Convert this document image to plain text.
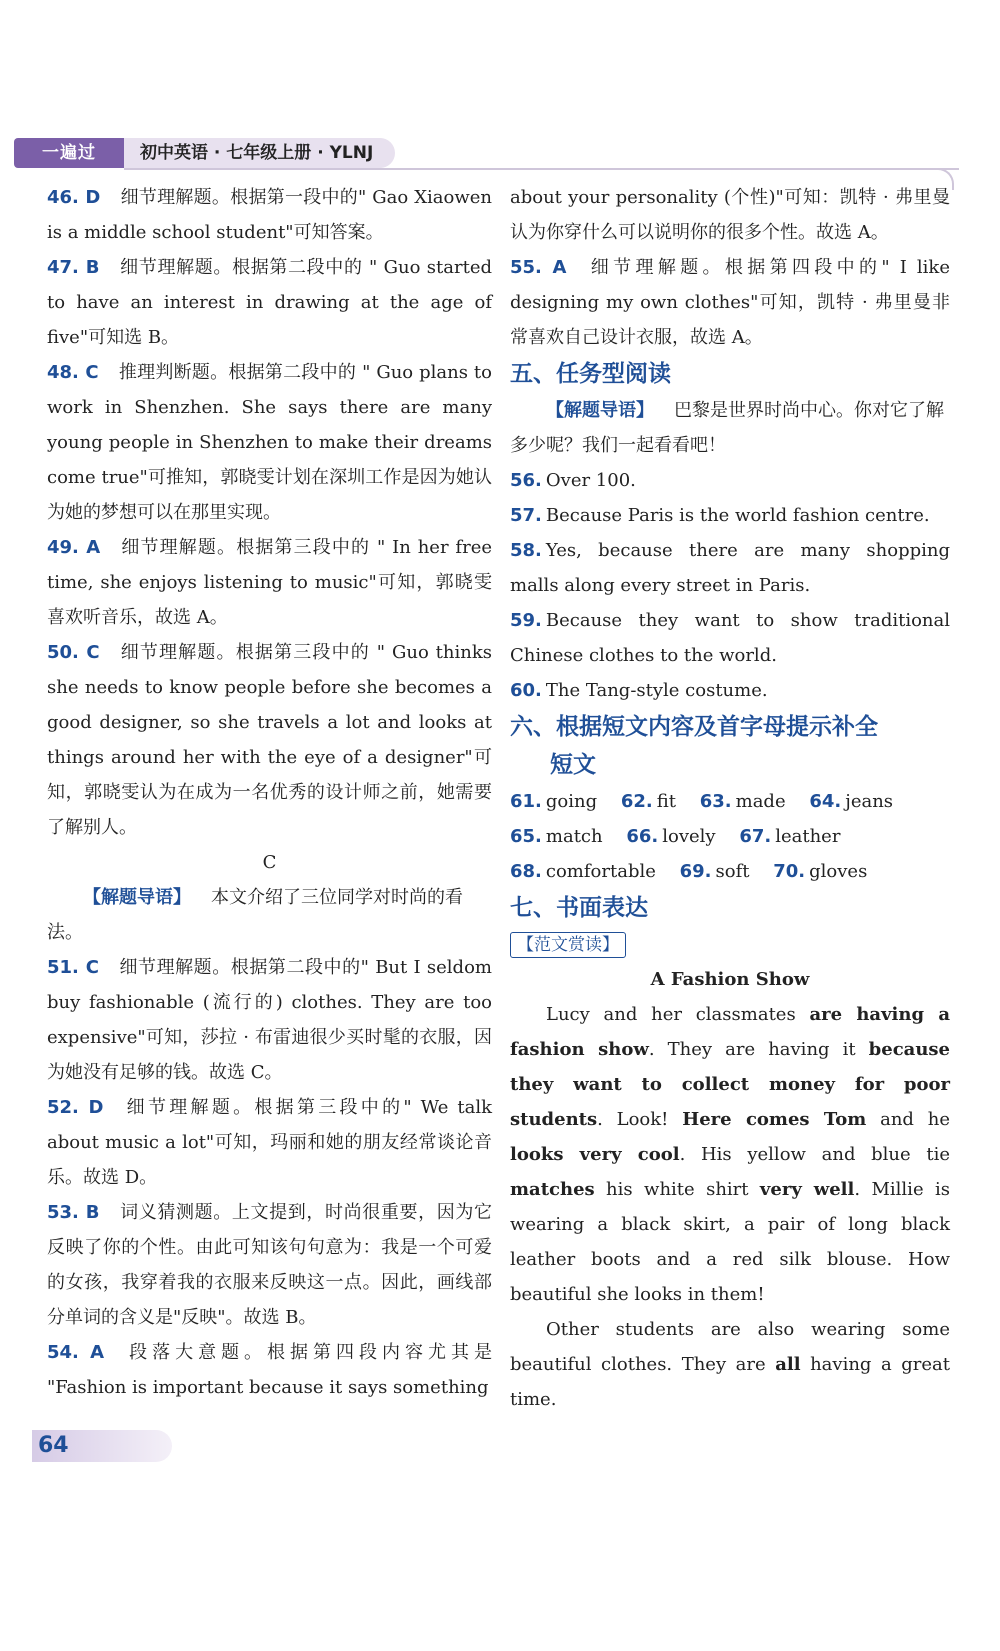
一遍过	初中英语 · 七年级上册 · YLNJ

46. D 细节理解题。根据第一段中的" Gao Xiaowen is a middle school student"可知答案。

47. B 细节理解题。根据第二段中的 " Guo started to have an interest in drawing at the age of five"可知选 B。

48. C 推理判断题。根据第二段中的 " Guo plans to work in Shenzhen. She says there are many young people in Shenzhen to make their dreams come true"可推知，郭晓雯计划在深圳工作是因为她认为她的梦想可以在那里实现。

49. A 细节理解题。根据第三段中的 " In her free time, she enjoys listening to music"可知，郭晓雯喜欢听音乐，故选 A。

50. C 细节理解题。根据第三段中的 " Guo thinks she needs to know people before she becomes a good designer, so she travels a lot and looks at things around her with the eye of a designer"可知，郭晓雯认为在成为一名优秀的设计师之前，她需要了解别人。

C

【解题导语】 本文介绍了三位同学对时尚的看法。

51. C 细节理解题。根据第二段中的" But I seldom buy fashionable (流行的) clothes. They are too expensive"可知，莎拉 · 布雷迪很少买时髦的衣服，因为她没有足够的钱。故选 C。

52. D 细节理解题。根据第三段中的" We talk about music a lot"可知，玛丽和她的朋友经常谈论音乐。故选 D。

53. B 词义猜测题。上文提到，时尚很重要，因为它反映了你的个性。由此可知该句句意为：我是一个可爱的女孩，我穿着我的衣服来反映这一点。因此，画线部分单词的含义是"反映"。故选 B。

54. A 段落大意题。根据第四段内容尤其是 "Fashion is important because it says something

about your personality (个性)"可知：凯特 · 弗里曼认为你穿什么可以说明你的很多个性。故选 A。

55. A 细节理解题。根据第四段中的" I like designing my own clothes"可知，凯特 · 弗里曼非常喜欢自己设计衣服，故选 A。

五、任务型阅读

【解题导语】 巴黎是世界时尚中心。你对它了解多少呢？我们一起看看吧！

56. Over 100.

57. Because Paris is the world fashion centre.

58. Yes, because there are many shopping malls along every street in Paris.

59. Because they want to show traditional Chinese clothes to the world.

60. The Tang-style costume.

六、根据短文内容及首字母提示补全

短文

61. going 62. fit 63. made 64. jeans

65. match 66. lovely 67. leather

68. comfortable 69. soft 70. gloves

七、书面表达

【范文赏读】

A Fashion Show

Lucy and her classmates are having a fashion show. They are having it because they want to collect money for poor students. Look! Here comes Tom and he looks very cool. His yellow and blue tie matches his white shirt very well. Millie is wearing a black skirt, a pair of long black leather boots and a red silk blouse. How beautiful she looks in them!

Other students are also wearing some beautiful clothes. They are all having a great time.

64
